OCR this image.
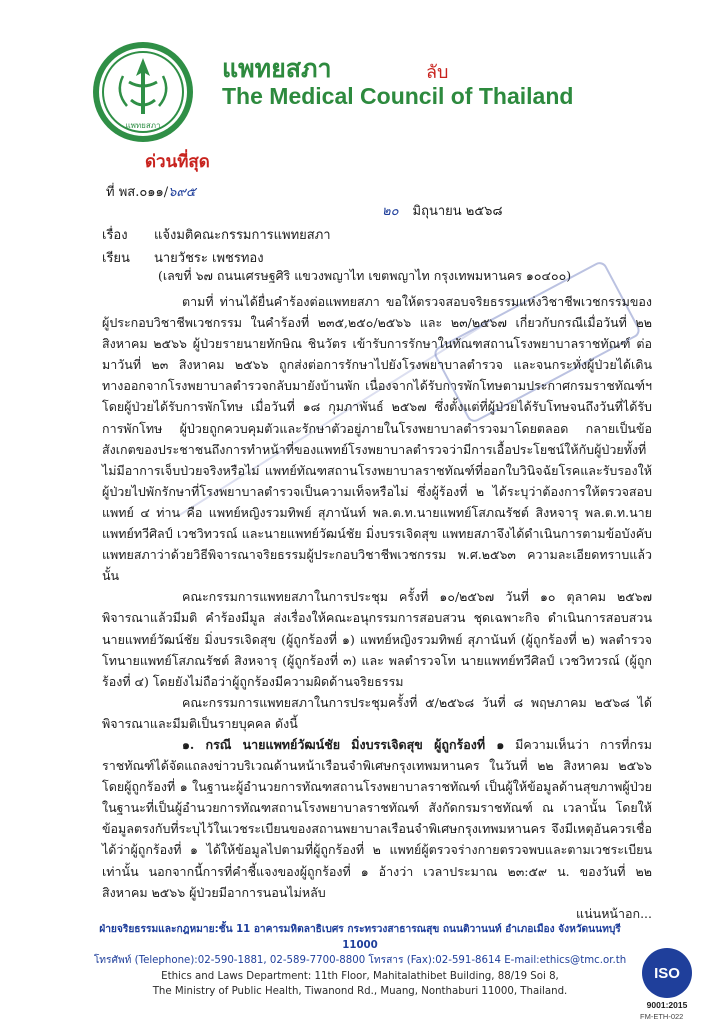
แพทยสภา
แพทยสภา	ลับ
The Medical Council of Thailand
ด่วนที่สุด
ที่ พส.๐๑๑/๖๙๕
๒๐ มิถุนายน ๒๕๖๘
เรื่อง แจ้งมติคณะกรรมการแพทยสภา
เรียน นายวัชระ เพชรทอง
(เลขที่ ๖๗ ถนนเศรษฐศิริ แขวงพญาไท เขตพญาไท กรุงเทพมหานคร ๑๐๔๐๐)

ตามที่ ท่านได้ยื่นคำร้องต่อแพทยสภา ขอให้ตรวจสอบจริยธรรมแห่งวิชาชีพเวชกรรมของผู้ประกอบวิชาชีพเวชกรรม ในคำร้องที่ ๒๓๕,๒๕๐/๒๕๖๖ และ ๒๓/๒๕๖๗ เกี่ยวกับกรณีเมื่อวันที่ ๒๒ สิงหาคม ๒๕๖๖ ผู้ป่วยรายนายทักษิณ ชินวัตร เข้ารับการรักษาในทัณฑสถานโรงพยาบาลราชทัณฑ์ ต่อมาวันที่ ๒๓ สิงหาคม ๒๕๖๖ ถูกส่งต่อการรักษาไปยังโรงพยาบาลตำรวจ และจนกระทั่งผู้ป่วยได้เดินทางออกจากโรงพยาบาลตำรวจกลับมายังบ้านพัก เนื่องจากได้รับการพักโทษตามประกาศกรมราชทัณฑ์ฯ โดยผู้ป่วยได้รับการพักโทษ เมื่อวันที่ ๑๘ กุมภาพันธ์ ๒๕๖๗ ซึ่งตั้งแต่ที่ผู้ป่วยได้รับโทษจนถึงวันที่ได้รับการพักโทษ ผู้ป่วยถูกควบคุมตัวและรักษาตัวอยู่ภายในโรงพยาบาลตำรวจมาโดยตลอด กลายเป็นข้อสังเกตของประชาชนถึงการทำหน้าที่ของแพทย์โรงพยาบาลตำรวจว่ามีการเอื้อประโยชน์ให้กับผู้ป่วยทั้งที่ไม่มีอาการเจ็บป่วยจริงหรือไม่ แพทย์ทัณฑสถานโรงพยาบาลราชทัณฑ์ที่ออกใบวินิจฉัยโรคและรับรองให้ผู้ป่วยไปพักรักษาที่โรงพยาบาลตำรวจเป็นความเท็จหรือไม่ ซึ่งผู้ร้องที่ ๒ ได้ระบุว่าต้องการให้ตรวจสอบแพทย์ ๔ ท่าน คือ แพทย์หญิงรวมทิพย์ สุภานันท์ พล.ต.ท.นายแพทย์โสภณรัชต์ สิงหจารุ พล.ต.ท.นายแพทย์ทวีศิลป์ เวชวิทวรณ์ และนายแพทย์วัฒน์ชัย มิ่งบรรเจิดสุข แพทยสภาจึงได้ดำเนินการตามข้อบังคับแพทยสภาว่าด้วยวิธีพิจารณาจริยธรรมผู้ประกอบวิชาชีพเวชกรรม พ.ศ.๒๕๖๓ ความละเอียดทราบแล้วนั้น

คณะกรรมการแพทยสภาในการประชุม ครั้งที่ ๑๐/๒๕๖๗ วันที่ ๑๐ ตุลาคม ๒๕๖๗ พิจารณาแล้วมีมติ คำร้องมีมูล ส่งเรื่องให้คณะอนุกรรมการสอบสวน ชุดเฉพาะกิจ ดำเนินการสอบสวนนายแพทย์วัฒน์ชัย มิ่งบรรเจิดสุข (ผู้ถูกร้องที่ ๑) แพทย์หญิงรวมทิพย์ สุภานันท์ (ผู้ถูกร้องที่ ๒) พลตำรวจโทนายแพทย์โสภณรัชต์ สิงหจารุ (ผู้ถูกร้องที่ ๓) และ พลตำรวจโท นายแพทย์ทวีศิลป์ เวชวิทวรณ์ (ผู้ถูกร้องที่ ๔) โดยยังไม่ถือว่าผู้ถูกร้องมีความผิดด้านจริยธรรม

คณะกรรมการแพทยสภาในการประชุมครั้งที่ ๕/๒๕๖๘ วันที่ ๘ พฤษภาคม ๒๕๖๘ ได้พิจารณาและมีมติเป็นรายบุคคล ดังนี้

๑. กรณี นายแพทย์วัฒน์ชัย มิ่งบรรเจิดสุข ผู้ถูกร้องที่ ๑ มีความเห็นว่า การที่กรมราชทัณฑ์ได้จัดแถลงข่าวบริเวณด้านหน้าเรือนจำพิเศษกรุงเทพมหานคร ในวันที่ ๒๒ สิงหาคม ๒๕๖๖ โดยผู้ถูกร้องที่ ๑ ในฐานะผู้อำนวยการทัณฑสถานโรงพยาบาลราชทัณฑ์ เป็นผู้ให้ข้อมูลด้านสุขภาพผู้ป่วยในฐานะที่เป็นผู้อำนวยการทัณฑสถานโรงพยาบาลราชทัณฑ์ สังกัดกรมราชทัณฑ์ ณ เวลานั้น โดยให้ข้อมูลตรงกับที่ระบุไว้ในเวชระเบียนของสถานพยาบาลเรือนจำพิเศษกรุงเทพมหานคร จึงมีเหตุอันควรเชื่อได้ว่าผู้ถูกร้องที่ ๑ ได้ให้ข้อมูลไปตามที่ผู้ถูกร้องที่ ๒ แพทย์ผู้ตรวจร่างกายตรวจพบและตามเวชระเบียนเท่านั้น นอกจากนี้การที่คำชี้แจงของผู้ถูกร้องที่ ๑ อ้างว่า เวลาประมาณ ๒๓:๕๙ น. ของวันที่ ๒๒ สิงหาคม ๒๕๖๖ ผู้ป่วยมีอาการนอนไม่หลับ

แน่นหน้าอก...

ฝ่ายจริยธรรมและกฎหมาย:ชั้น 11 อาคารมหิตลาธิเบศร กระทรวงสาธารณสุข ถนนติวานนท์ อำเภอเมือง จังหวัดนนทบุรี 11000
โทรศัพท์ (Telephone):02-590-1881, 02-589-7700-8800 โทรสาร (Fax):02-591-8614 E-mail:ethics@tmc.or.th
Ethics and Laws Department: 11th Floor, Mahitalathibet Building, 88/19 Soi 8,
The Ministry of Public Health, Tiwanond Rd., Muang, Nonthaburi 11000, Thailand.
ISO
9001:2015
FM-ETH-022
